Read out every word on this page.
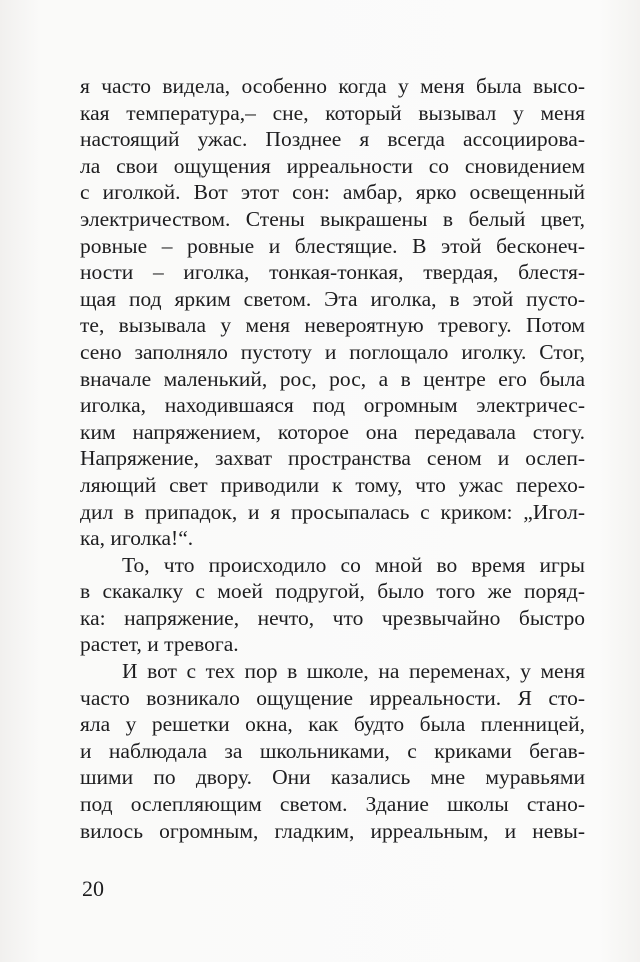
я часто видела, особенно когда у меня была высо-
кая температура,– сне, который вызывал у меня
настоящий ужас. Позднее я всегда ассоциирова-
ла свои ощущения ирреальности со сновидением
с иголкой. Вот этот сон: амбар, ярко освещенный
электричеством. Стены выкрашены в белый цвет,
ровные – ровные и блестящие. В этой бесконеч-
ности – иголка, тонкая-тонкая, твердая, блестя-
щая под ярким светом. Эта иголка, в этой пусто-
те, вызывала у меня невероятную тревогу. Потом
сено заполняло пустоту и поглощало иголку. Стог,
вначале маленький, рос, рос, а в центре его была
иголка, находившаяся под огромным электричес-
ким напряжением, которое она передавала стогу.
Напряжение, захват пространства сеном и ослеп-
ляющий свет приводили к тому, что ужас перехо-
дил в припадок, и я просыпалась с криком: „Игол-
ка, иголка!“.
То, что происходило со мной во время игры
в скакалку с моей подругой, было того же поряд-
ка: напряжение, нечто, что чрезвычайно быстро
растет, и тревога.
И вот с тех пор в школе, на переменах, у меня
часто возникало ощущение ирреальности. Я сто-
яла у решетки окна, как будто была пленницей,
и наблюдала за школьниками, с криками бегав-
шими по двору. Они казались мне муравьями
под ослепляющим светом. Здание школы стано-
вилось огромным, гладким, ирреальным, и невы-
20
